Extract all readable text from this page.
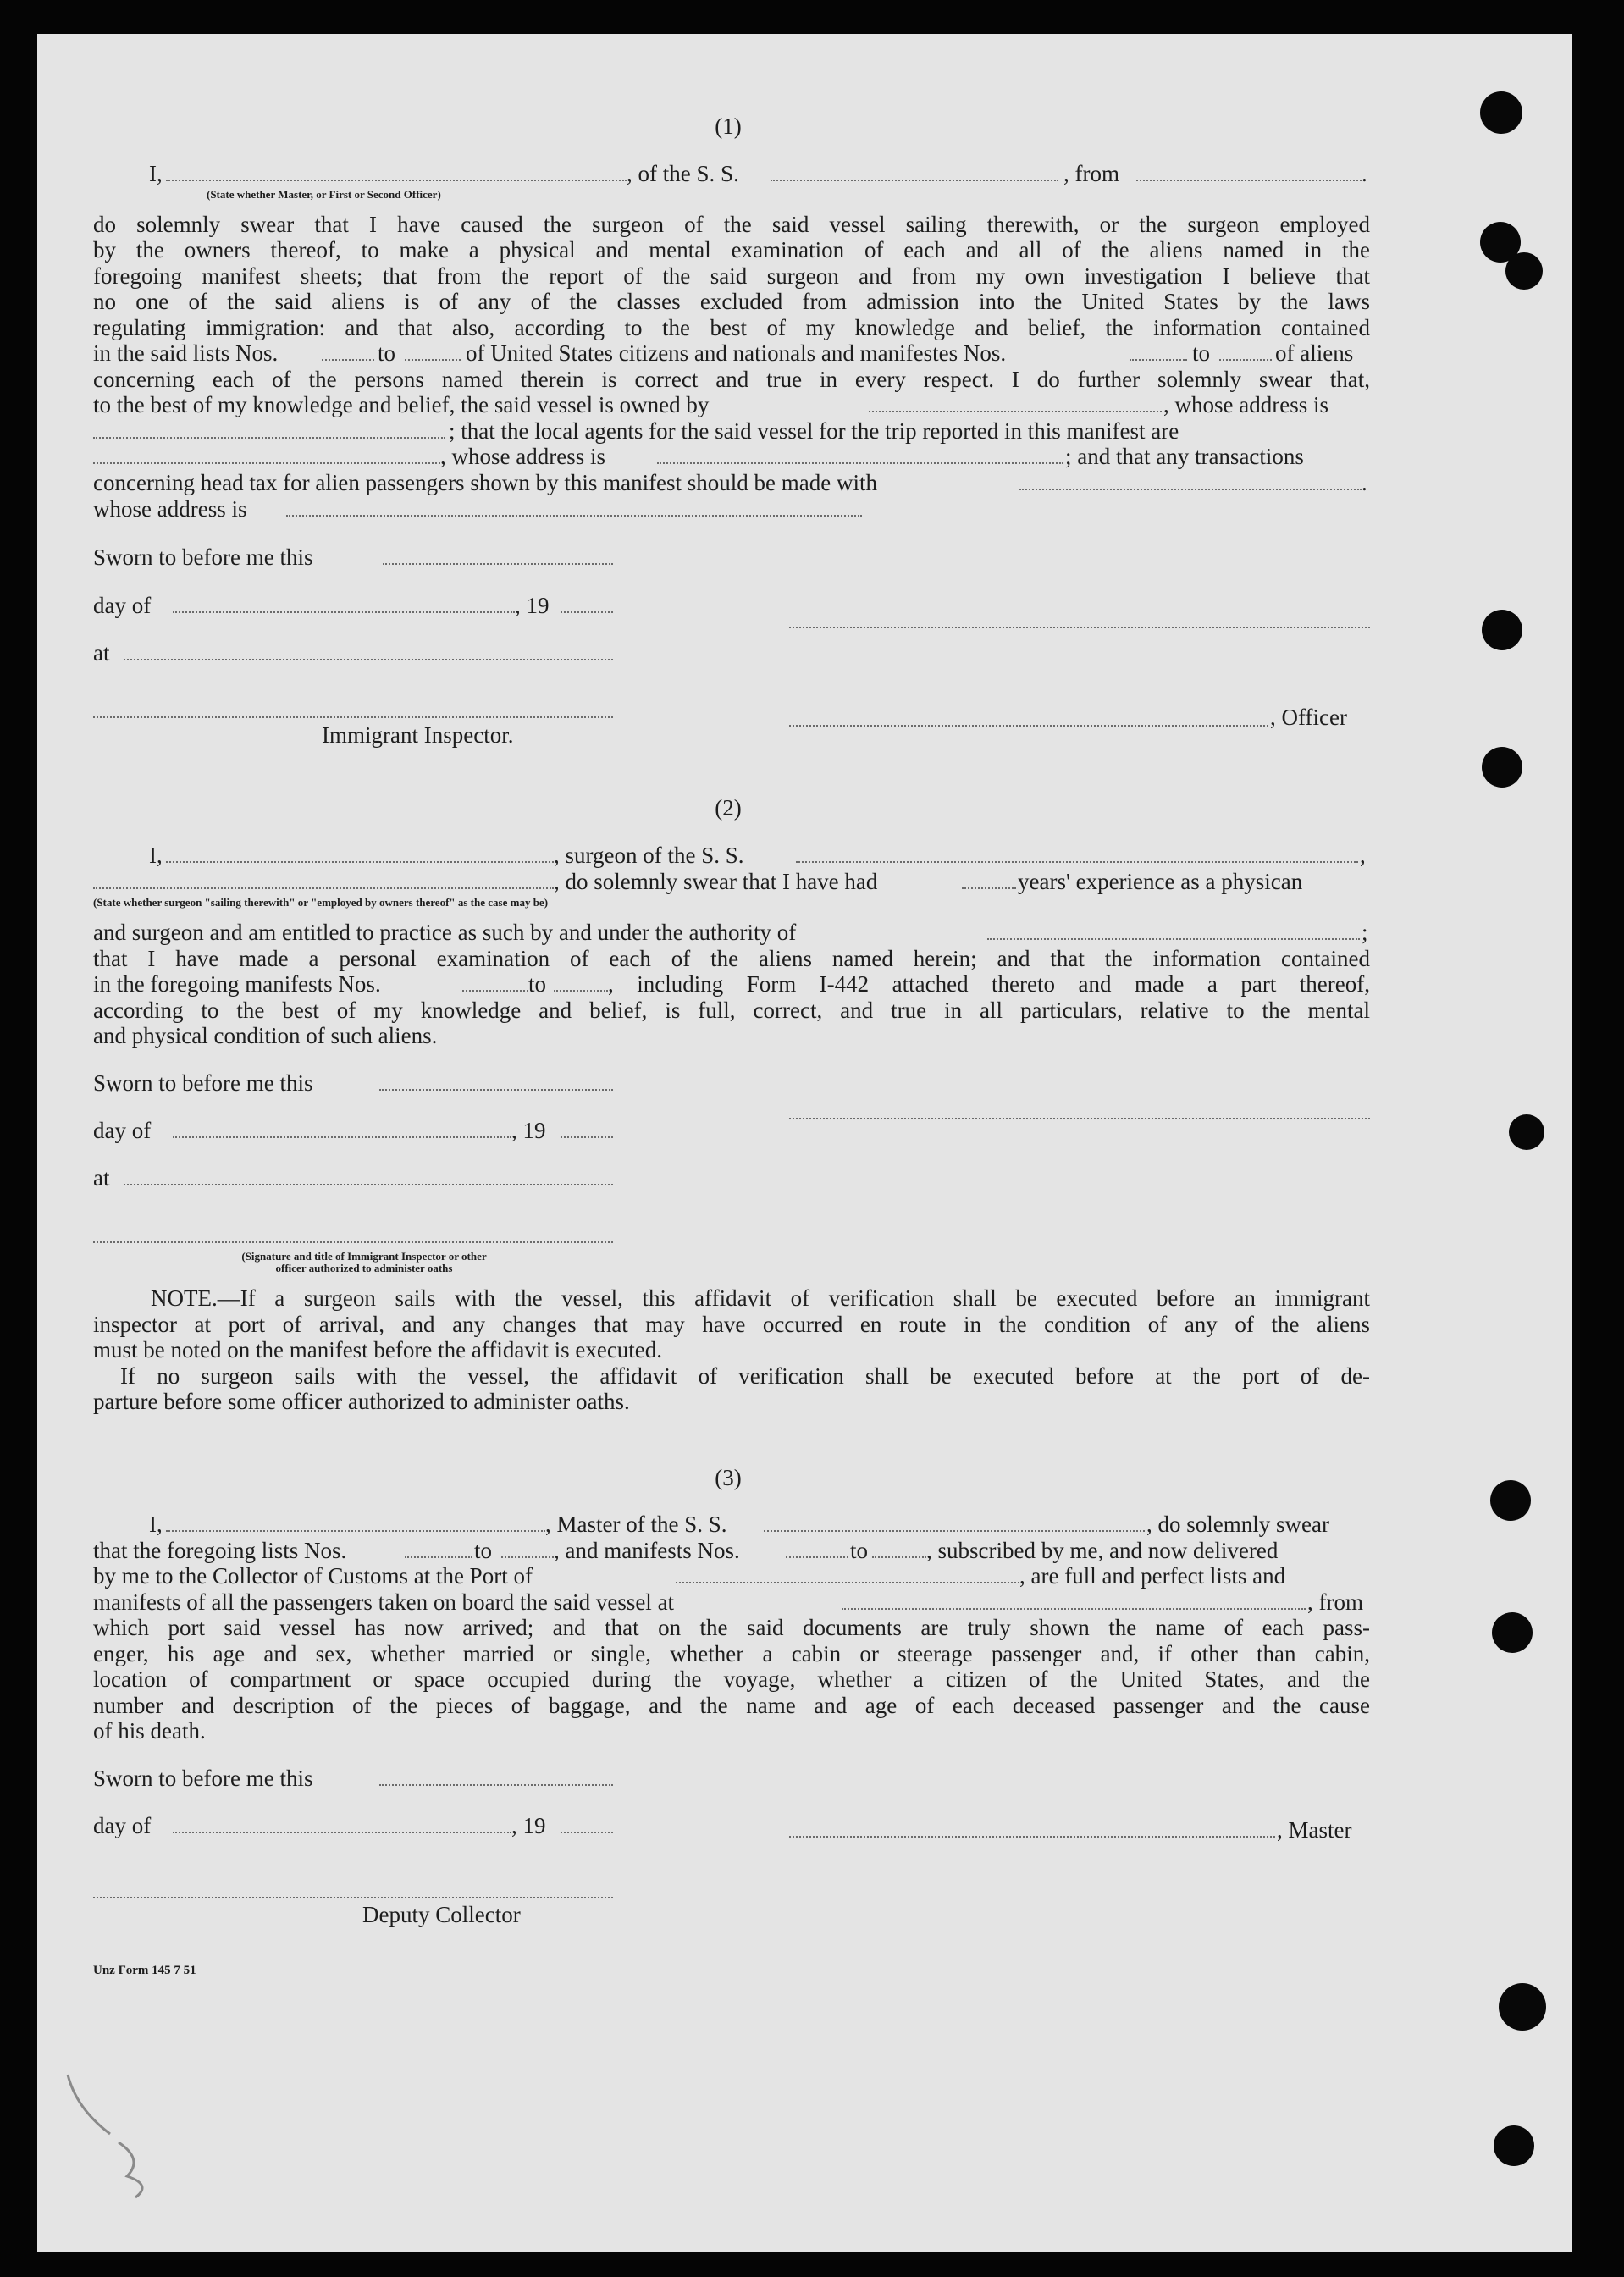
(1)
I,	, of the S. S.	, from	.
(State whether Master, or First or Second Officer)

do solemnly swear that I have caused the surgeon of the said vessel sailing therewith, or the surgeon employed

by the owners thereof, to make a physical and mental examination of each and all of the aliens named in the

foregoing manifest sheets; that from the report of the said surgeon and from my own investigation I believe that

no one of the said aliens is of any of the classes excluded from admission into the United States by the laws

regulating immigration: and that also, according to the best of my knowledge and belief, the information contained

in the said lists Nos.	to	of United States citizens and nationals and manifestes Nos.	to	of aliens

concerning each of the persons named therein is correct and true in every respect. I do further solemnly swear that,

to the best of my knowledge and belief, the said vessel is owned by	, whose address is
; that the local agents for the said vessel for the trip reported in this manifest are
, whose address is	; and that any transactions
concerning head tax for alien passengers shown by this manifest should be made with	.
whose address is
Sworn to before me this
day of	, 19
at
, Officer
Immigrant Inspector.
(2)
I,	, surgeon of the S. S.	,
, do solemnly swear that I have had	years' experience as a physican
(State whether surgeon "sailing therewith" or "employed by owners thereof" as the case may be)
and surgeon and am entitled to practice as such by and under the authority of	;

that I have made a personal examination of each of the aliens named herein; and that the information contained

in the foregoing manifests Nos.	to	, including Form I-442 attached thereto and made a part thereof,

according to the best of my knowledge and belief, is full, correct, and true in all particulars, relative to the mental

and physical condition of such aliens.
Sworn to before me this
day of	, 19
at
(Signature and title of Immigrant Inspector or other
officer authorized to administer oaths

NOTE.—If a surgeon sails with the vessel, this affidavit of verification shall be executed before an immigrant

inspector at port of arrival, and any changes that may have occurred en route in the condition of any of the aliens

must be noted on the manifest before the affidavit is executed.

If no surgeon sails with the vessel, the affidavit of verification shall be executed before at the port of de-

parture before some officer authorized to administer oaths.
(3)
I,	, Master of the S. S.	, do solemnly swear
that the foregoing lists Nos.	to	, and manifests Nos.	to	, subscribed by me, and now delivered
by me to the Collector of Customs at the Port of	, are full and perfect lists and
manifests of all the passengers taken on board the said vessel at	, from

which port said vessel has now arrived; and that on the said documents are truly shown the name of each pass-

enger, his age and sex, whether married or single, whether a cabin or steerage passenger and, if other than cabin,

location of compartment or space occupied during the voyage, whether a citizen of the United States, and the

number and description of the pieces of baggage, and the name and age of each deceased passenger and the cause

of his death.
Sworn to before me this
day of	, 19	, Master
Deputy Collector
Unz Form 145 7 51
